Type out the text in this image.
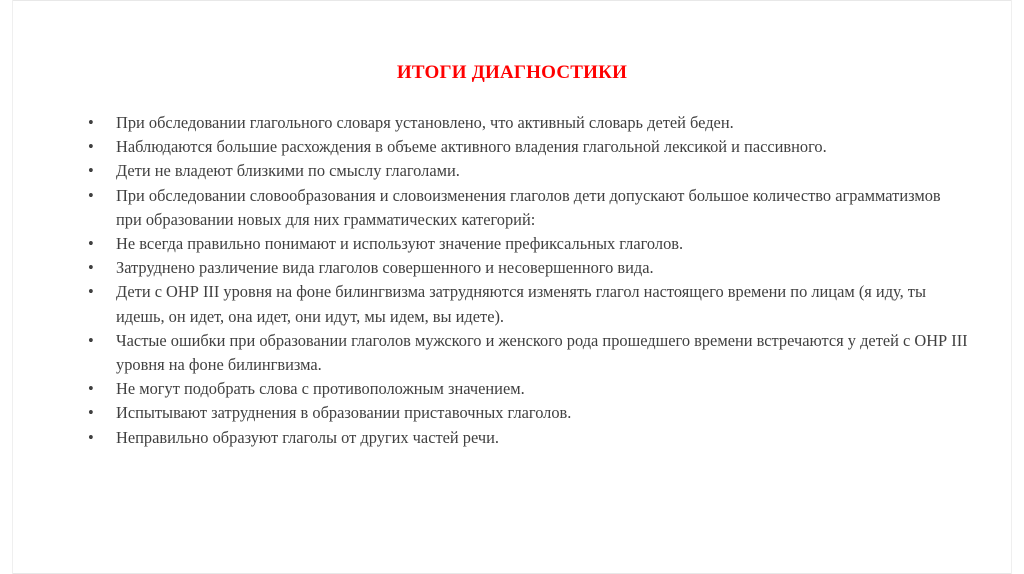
ИТОГИ ДИАГНОСТИКИ
•	При обследовании глагольного словаря установлено, что активный словарь детей беден.
•	Наблюдаются большие расхождения в объеме активного владения глагольной лексикой и пассивного.
•	Дети не владеют близкими по смыслу глаголами.
•	При обследовании словообразования и словоизменения глаголов дети допускают большое количество аграмматизмов при образовании новых для них грамматических категорий:
•	Не всегда правильно понимают и используют значение префиксальных глаголов.
•	Затруднено различение вида глаголов совершенного и несовершенного вида.
•	Дети с ОНР III уровня на фоне билингвизма затрудняются изменять глагол настоящего времени по лицам (я иду, ты идешь, он идет, она идет, они идут, мы идем, вы идете).
•	Частые ошибки при образовании глаголов мужского и женского рода прошедшего времени встречаются у детей с ОНР III уровня на фоне билингвизма.
•	Не могут подобрать слова с противоположным значением.
•	Испытывают затруднения в образовании приставочных глаголов.
•	Неправильно образуют глаголы от других частей речи.
